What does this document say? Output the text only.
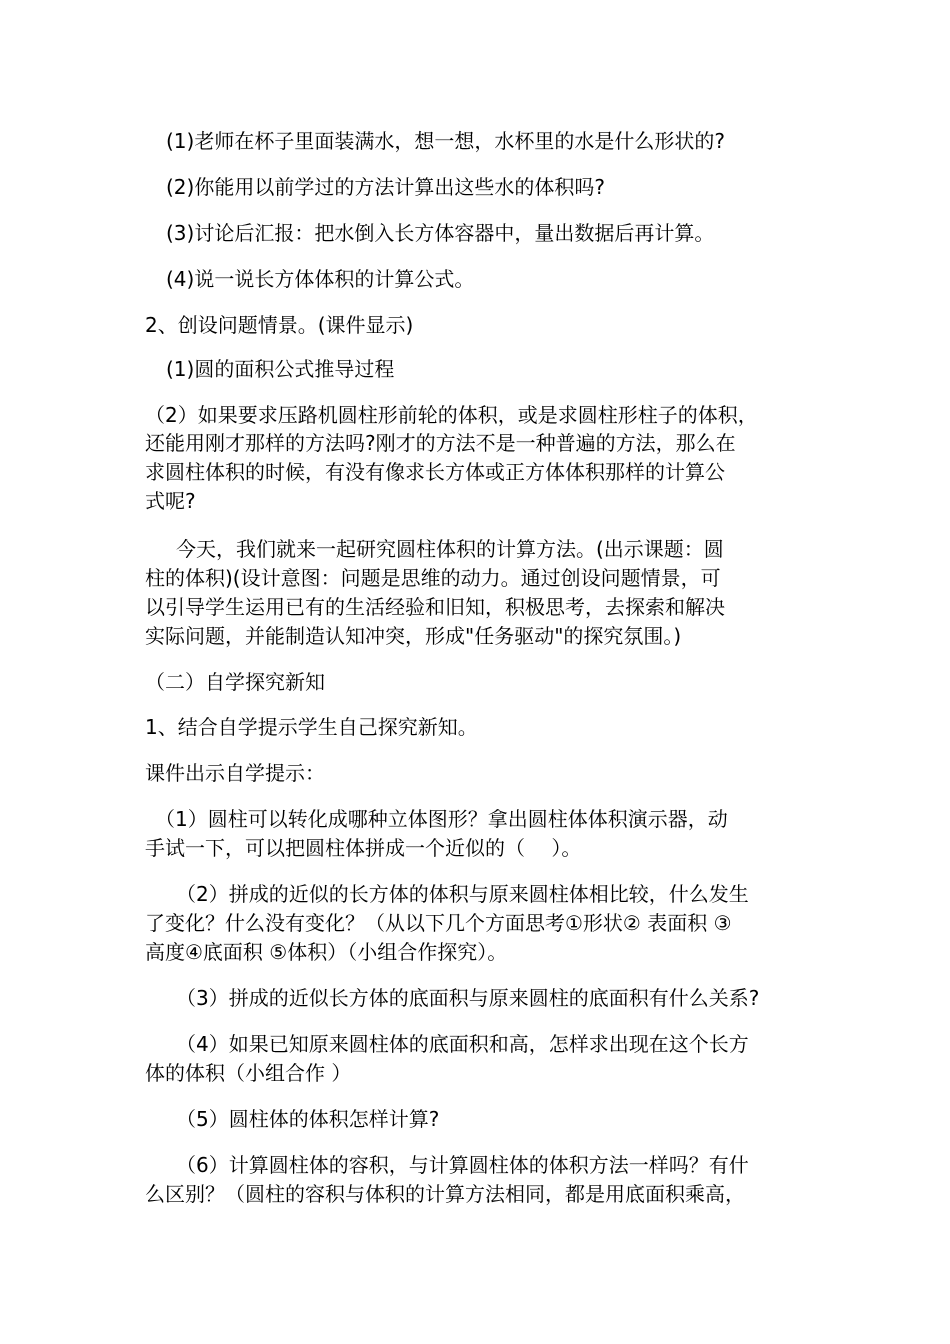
(1)老师在杯子里面装满水，想一想，水杯里的水是什么形状的?

(2)你能用以前学过的方法计算出这些水的体积吗?

(3)讨论后汇报：把水倒入长方体容器中，量出数据后再计算。

(4)说一说长方体体积的计算公式。

2、创设问题情景。(课件显示)

(1)圆的面积公式推导过程

（2）如果要求压路机圆柱形前轮的体积，或是求圆柱形柱子的体积，

还能用刚才那样的方法吗?刚才的方法不是一种普遍的方法，那么在

求圆柱体积的时候，有没有像求长方体或正方体体积那样的计算公

式呢?

今天，我们就来一起研究圆柱体积的计算方法。(出示课题：圆

柱的体积)(设计意图：问题是思维的动力。通过创设问题情景，可

以引导学生运用已有的生活经验和旧知，积极思考，去探索和解决

实际问题，并能制造认知冲突，形成"任务驱动"的探究氛围。)

（二）自学探究新知

1、结合自学提示学生自己探究新知。

课件出示自学提示：

（1）圆柱可以转化成哪种立体图形？拿出圆柱体体积演示器，动

手试一下，可以把圆柱体拼成一个近似的（　 ）。

（2）拼成的近似的长方体的体积与原来圆柱体相比较，什么发生

了变化？什么没有变化？（从以下几个方面思考①形状② 表面积 ③

高度④底面积 ⑤体积）（小组合作探究）。

（3）拼成的近似长方体的底面积与原来圆柱的底面积有什么关系?

（4）如果已知原来圆柱体的底面积和高，怎样求出现在这个长方

体的体积（小组合作 ）

（5）圆柱体的体积怎样计算?

（6）计算圆柱体的容积，与计算圆柱体的体积方法一样吗？有什

么区别？（圆柱的容积与体积的计算方法相同，都是用底面积乘高，
